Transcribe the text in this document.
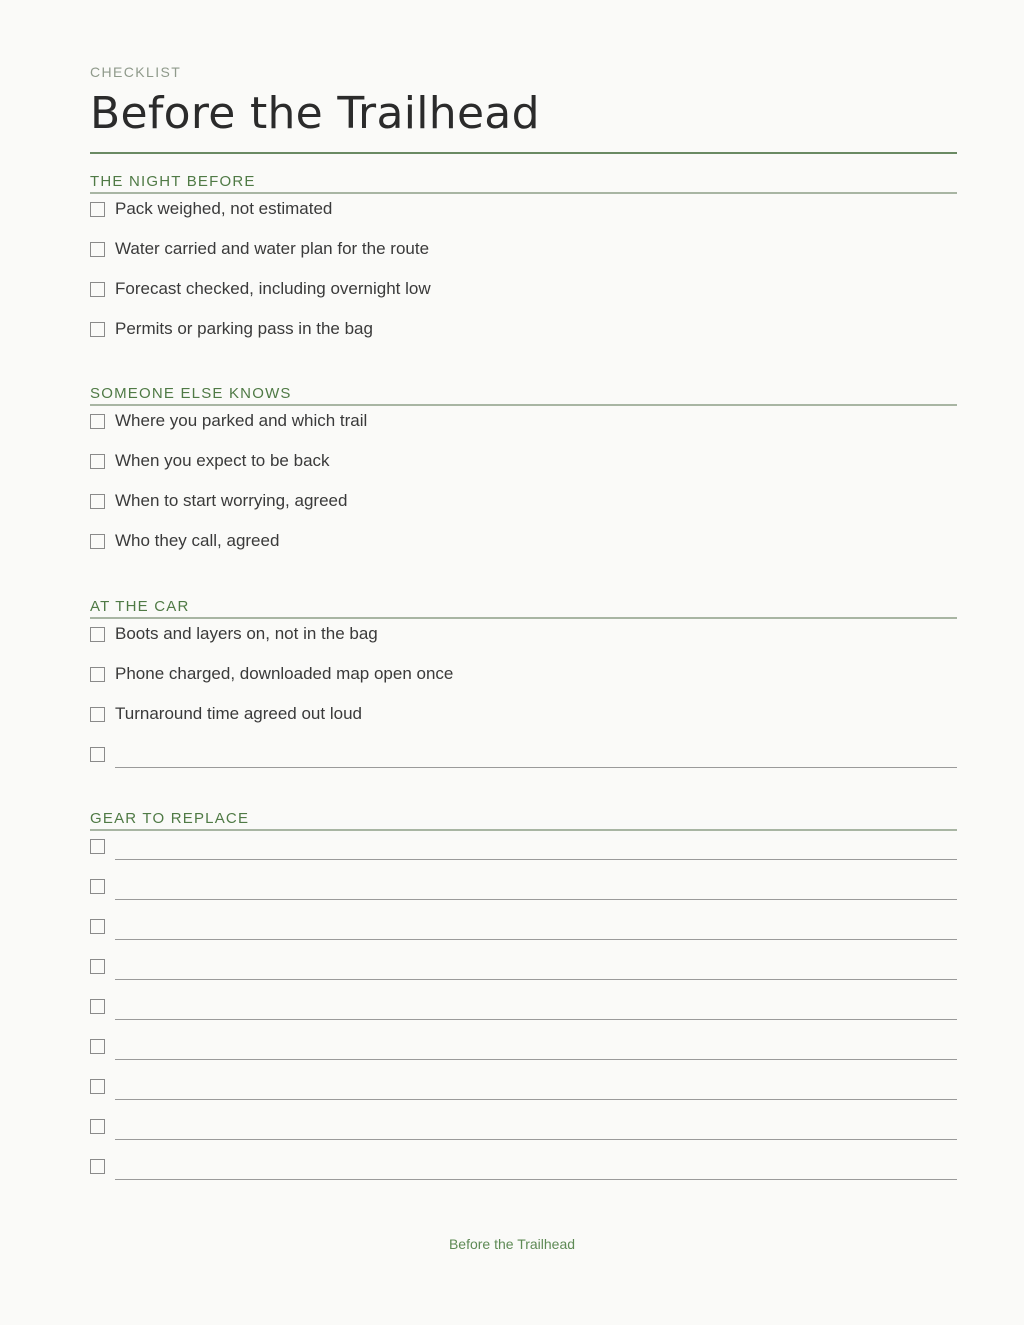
CHECKLIST
Before the Trailhead
THE NIGHT BEFORE
Pack weighed, not estimated
Water carried and water plan for the route
Forecast checked, including overnight low
Permits or parking pass in the bag
SOMEONE ELSE KNOWS
Where you parked and which trail
When you expect to be back
When to start worrying, agreed
Who they call, agreed
AT THE CAR
Boots and layers on, not in the bag
Phone charged, downloaded map open once
Turnaround time agreed out loud
GEAR TO REPLACE
Before the Trailhead
